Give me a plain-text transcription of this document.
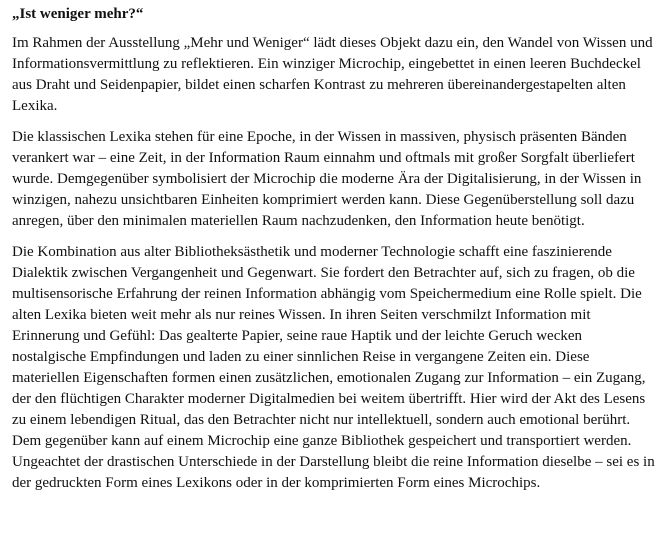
„Ist weniger mehr?“

Im Rahmen der Ausstellung „Mehr und Weniger“ lädt dieses Objekt dazu ein, den Wandel von Wissen und Informationsvermittlung zu reflektieren. Ein winziger Microchip, eingebettet in einen leeren Buchdeckel aus Draht und Seidenpapier, bildet einen scharfen Kontrast zu mehreren übereinandergestapelten alten Lexika.

Die klassischen Lexika stehen für eine Epoche, in der Wissen in massiven, physisch präsenten Bänden verankert war – eine Zeit, in der Information Raum einnahm und oftmals mit großer Sorgfalt überliefert wurde. Demgegenüber symbolisiert der Microchip die moderne Ära der Digitalisierung, in der Wissen in winzigen, nahezu unsichtbaren Einheiten komprimiert werden kann. Diese Gegenüberstellung soll dazu anregen, über den minimalen materiellen Raum nachzudenken, den Information heute benötigt.

Die Kombination aus alter Bibliotheksästhetik und moderner Technologie schafft eine faszinierende Dialektik zwischen Vergangenheit und Gegenwart. Sie fordert den Betrachter auf, sich zu fragen, ob die multisensorische Erfahrung der reinen Information abhängig vom Speichermedium eine Rolle spielt. Die alten Lexika bieten weit mehr als nur reines Wissen. In ihren Seiten verschmilzt Information mit Erinnerung und Gefühl: Das gealterte Papier, seine raue Haptik und der leichte Geruch wecken nostalgische Empfindungen und laden zu einer sinnlichen Reise in vergangene Zeiten ein. Diese materiellen Eigenschaften formen einen zusätzlichen, emotionalen Zugang zur Information – ein Zugang, der den flüchtigen Charakter moderner Digitalmedien bei weitem übertrifft. Hier wird der Akt des Lesens zu einem lebendigen Ritual, das den Betrachter nicht nur intellektuell, sondern auch emotional berührt. Dem gegenüber kann auf einem Microchip eine ganze Bibliothek gespeichert und transportiert werden. Ungeachtet der drastischen Unterschiede in der Darstellung bleibt die reine Information dieselbe – sei es in der gedruckten Form eines Lexikons oder in der komprimierten Form eines Microchips.
